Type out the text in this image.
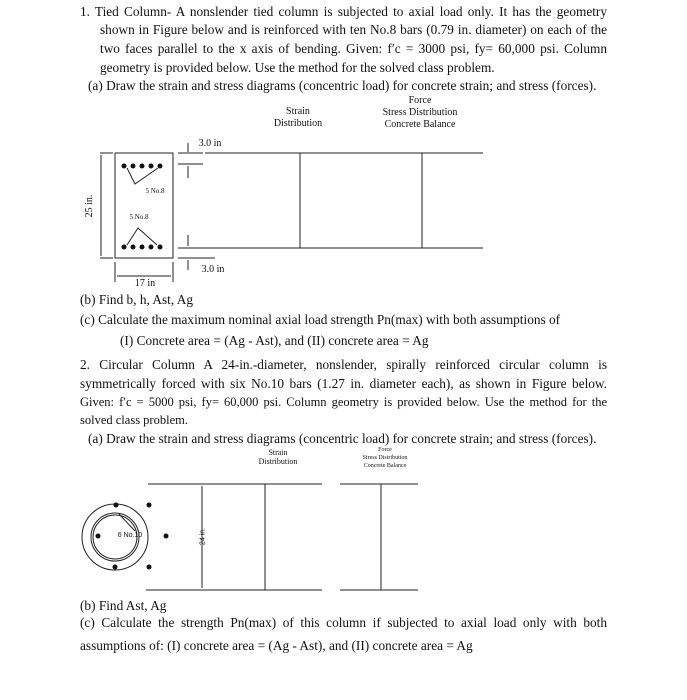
1. Tied Column- A nonslender tied column is subjected to axial load only. It has the geometry
shown in Figure below and is reinforced with ten No.8 bars (0.79 in. diameter) on each of the
two faces parallel to the x axis of bending. Given: f′c = 3000 psi, fy= 60,000 psi. Column
geometry is provided below. Use the method for the solved class problem.
(a) Draw the strain and stress diagrams (concentric load) for concrete strain; and stress (forces).
Strain
Distribution
Force
Stress Distribution
Concrete Balance
3.0 in
3.0 in
25 in.
17 in
5 No.8
5 No.8
(b) Find b, h, Ast, Ag
(c) Calculate the maximum nominal axial load strength Pn(max) with both assumptions of
(I) Concrete area = (Ag - Ast), and (II) concrete area = Ag
2. Circular Column A 24-in.-diameter, nonslender, spirally reinforced circular column is
symmetrically forced with six No.10 bars (1.27 in. diameter each), as shown in Figure below.
Given: f′c = 5000 psi, fy= 60,000 psi. Column geometry is provided below. Use the method for the
solved class problem.
(a) Draw the strain and stress diagrams (concentric load) for concrete strain; and stress (forces).
Strain
Distribution
Force
Stress Distribution
Concrete Balance
6 No.10	24 in.
(b) Find Ast, Ag
(c) Calculate the strength Pn(max) of this column if subjected to axial load only with both
assumptions of: (I) concrete area = (Ag - Ast), and (II) concrete area = Ag
